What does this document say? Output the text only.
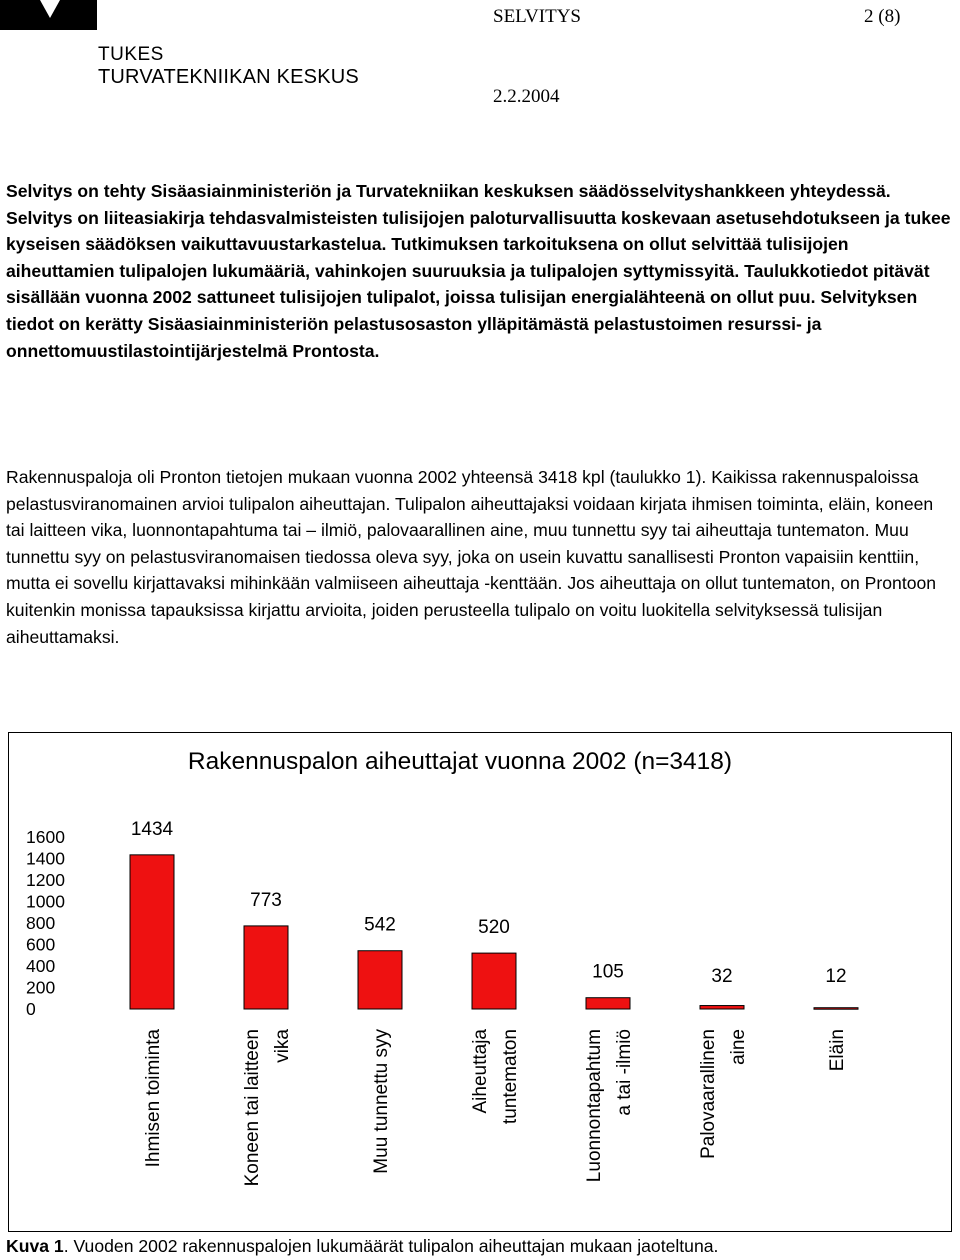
TUKES
TURVATEKNIIKAN KESKUS
SELVITYS	2 (8)
2.2.2004
Selvitys on tehty Sisäasiainministeriön ja Turvatekniikan keskuksen säädösselvityshankkeen yhteydessä. Selvitys on liiteasiakirja tehdasvalmisteisten tulisijojen paloturvallisuutta koskevaan asetusehdotukseen ja tukee kyseisen säädöksen vaikuttavuustarkastelua. Tutkimuksen tarkoituksena on ollut selvittää tulisijojen aiheuttamien tulipalojen lukumääriä, vahinkojen suuruuksia ja tulipalojen syttymissyitä. Taulukkotiedot pitävät sisällään vuonna 2002 sattuneet tulisijojen tulipalot, joissa tulisijan energialähteenä on ollut puu. Selvityksen tiedot on kerätty Sisäasiainministeriön pelastusosaston ylläpitämästä pelastustoimen resurssi- ja onnettomuustilastointijärjestelmä Prontosta.
Rakennuspaloja oli Pronton tietojen mukaan vuonna 2002 yhteensä 3418 kpl (taulukko 1). Kaikissa rakennuspaloissa pelastusviranomainen arvioi tulipalon aiheuttajan. Tulipalon aiheuttajaksi voidaan kirjata ihmisen toiminta, eläin, koneen tai laitteen vika, luonnontapahtuma tai – ilmiö, palovaarallinen aine, muu tunnettu syy tai aiheuttaja tuntematon. Muu tunnettu syy on pelastusviranomaisen tiedossa oleva syy, joka on usein kuvattu sanallisesti Pronton vapaisiin kenttiin, mutta ei sovellu kirjattavaksi mihinkään valmiiseen aiheuttaja -kenttään. Jos aiheuttaja on ollut tuntematon, on Prontoon kuitenkin monissa tapauksissa kirjattu arvioita, joiden perusteella tulipalo on voitu luokitella selvityksessä tulisijan aiheuttamaksi.
Rakennuspalon aiheuttajat vuonna 2002 (n=3418)
0
200
400
600
800
1000
1200
1400
1600	1434
Ihmisen toiminta
773
Koneen tai laitteen vika
542
Muu tunnettu syy
520
Aiheuttaja tuntematon
105
Luonnontapahtum a tai -ilmiö
32
Palovaarallinen aine
12
Eläin
Kuva 1. Vuoden 2002 rakennuspalojen lukumäärät tulipalon aiheuttajan mukaan jaoteltuna.
